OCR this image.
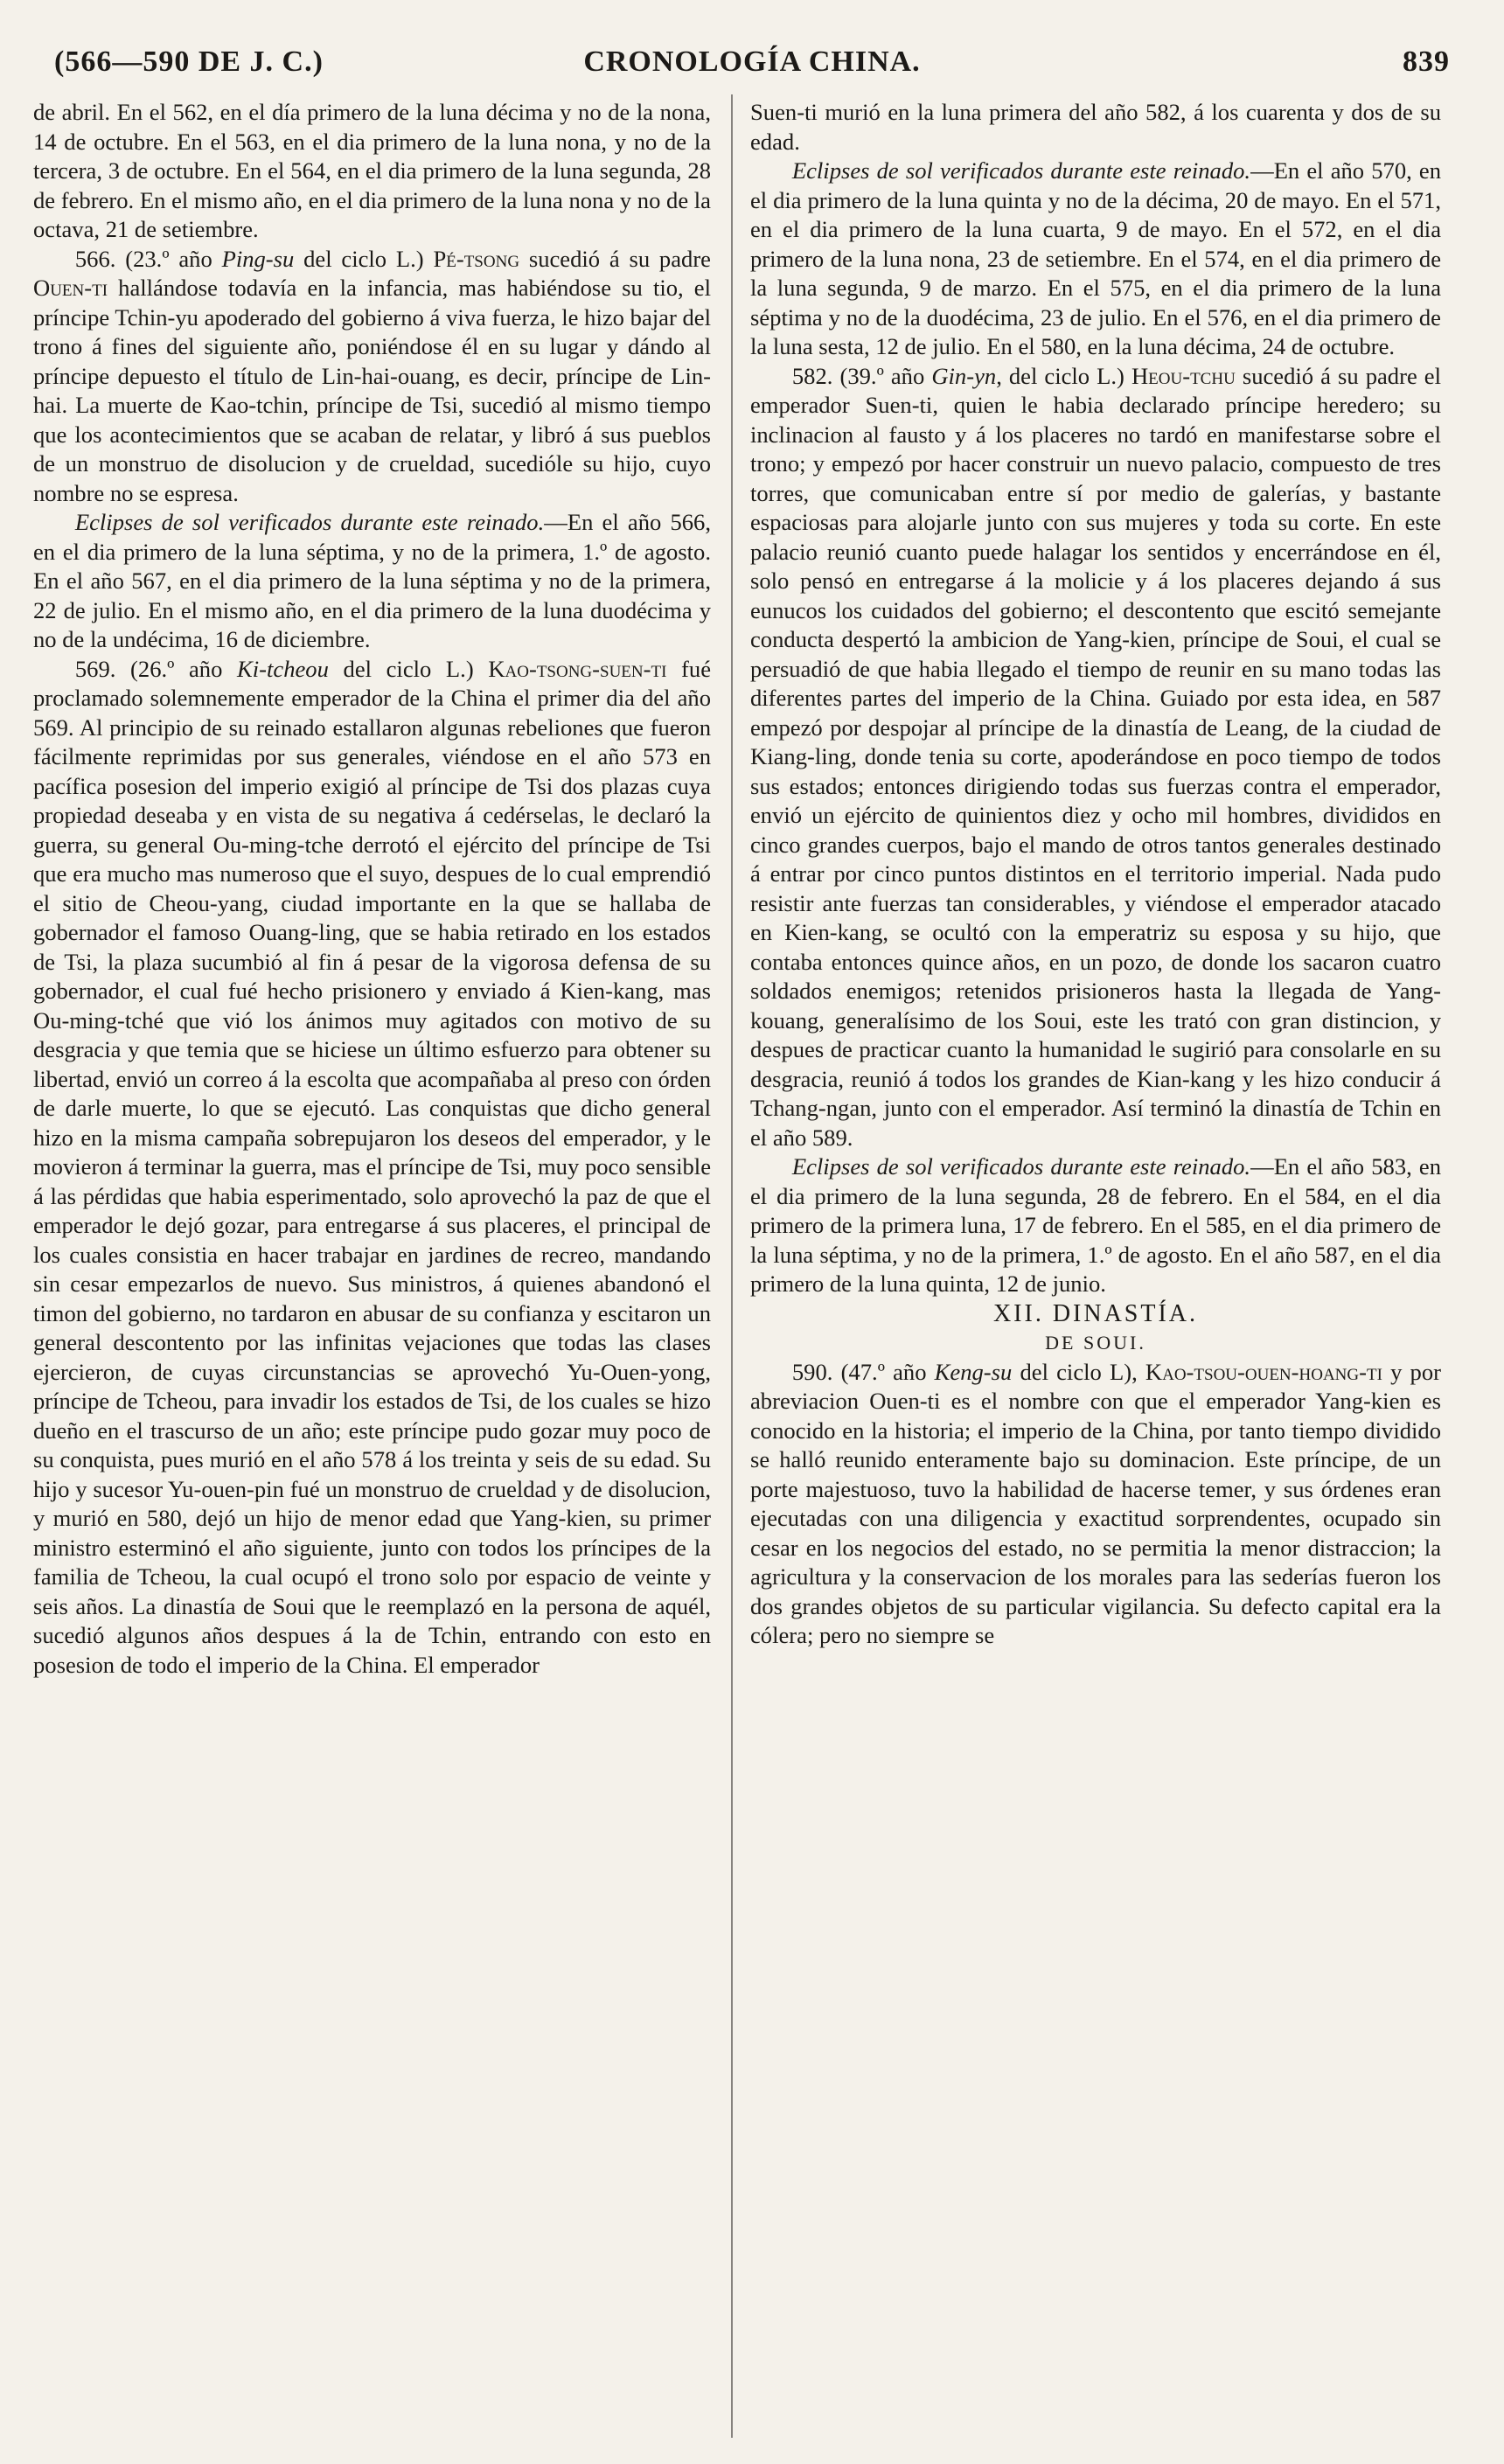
(566—590 DE J. C.)	CRONOLOGÍA CHINA.	839

de abril. En el 562, en el día primero de la luna décima y no de la nona, 14 de octubre. En el 563, en el dia primero de la luna nona, y no de la tercera, 3 de octubre. En el 564, en el dia primero de la luna segunda, 28 de febrero. En el mismo año, en el dia primero de la luna nona y no de la octava, 21 de setiembre.

566. (23.º año Ping-su del ciclo L.) Pé-tsong sucedió á su padre Ouen-ti hallándose todavía en la infancia, mas habiéndose su tio, el príncipe Tchin-yu apoderado del gobierno á viva fuerza, le hizo bajar del trono á fines del siguiente año, poniéndose él en su lugar y dándo al príncipe depuesto el título de Lin-hai-ouang, es decir, príncipe de Lin-hai. La muerte de Kao-tchin, príncipe de Tsi, sucedió al mismo tiempo que los acontecimientos que se acaban de relatar, y libró á sus pueblos de un monstruo de disolucion y de crueldad, sucedióle su hijo, cuyo nombre no se espresa.

Eclipses de sol verificados durante este reinado.—En el año 566, en el dia primero de la luna séptima, y no de la primera, 1.º de agosto. En el año 567, en el dia primero de la luna séptima y no de la primera, 22 de julio. En el mismo año, en el dia primero de la luna duodécima y no de la undécima, 16 de diciembre.

569. (26.º año Ki-tcheou del ciclo L.) Kao-tsong-suen-ti fué proclamado solemnemente emperador de la China el primer dia del año 569. Al principio de su reinado estallaron algunas rebeliones que fueron fácilmente reprimidas por sus generales, viéndose en el año 573 en pacífica posesion del imperio exigió al príncipe de Tsi dos plazas cuya propiedad deseaba y en vista de su negativa á cedérselas, le declaró la guerra, su general Ou-ming-tche derrotó el ejército del príncipe de Tsi que era mucho mas numeroso que el suyo, despues de lo cual emprendió el sitio de Cheou-yang, ciudad importante en la que se hallaba de gobernador el famoso Ouang-ling, que se habia retirado en los estados de Tsi, la plaza sucumbió al fin á pesar de la vigorosa defensa de su gobernador, el cual fué hecho prisionero y enviado á Kien-kang, mas Ou-ming-tché que vió los ánimos muy agitados con motivo de su desgracia y que temia que se hiciese un último esfuerzo para obtener su libertad, envió un correo á la escolta que acompañaba al preso con órden de darle muerte, lo que se ejecutó. Las conquistas que dicho general hizo en la misma campaña sobrepujaron los deseos del emperador, y le movieron á terminar la guerra, mas el príncipe de Tsi, muy poco sensible á las pérdidas que habia esperimentado, solo aprovechó la paz de que el emperador le dejó gozar, para entregarse á sus placeres, el principal de los cuales consistia en hacer trabajar en jardines de recreo, mandando sin cesar empezarlos de nuevo. Sus ministros, á quienes abandonó el timon del gobierno, no tardaron en abusar de su confianza y escitaron un general descontento por las infinitas vejaciones que todas las clases ejercieron, de cuyas circunstancias se aprovechó Yu-Ouen-yong, príncipe de Tcheou, para invadir los estados de Tsi, de los cuales se hizo dueño en el trascurso de un año; este príncipe pudo gozar muy poco de su conquista, pues murió en el año 578 á los treinta y seis de su edad. Su hijo y sucesor Yu-ouen-pin fué un monstruo de crueldad y de disolucion, y murió en 580, dejó un hijo de menor edad que Yang-kien, su primer ministro esterminó el año siguiente, junto con todos los príncipes de la familia de Tcheou, la cual ocupó el trono solo por espacio de veinte y seis años. La dinastía de Soui que le reemplazó en la persona de aquél, sucedió algunos años despues á la de Tchin, entrando con esto en posesion de todo el imperio de la China. El emperador

Suen-ti murió en la luna primera del año 582, á los cuarenta y dos de su edad.

Eclipses de sol verificados durante este reinado.—En el año 570, en el dia primero de la luna quinta y no de la décima, 20 de mayo. En el 571, en el dia primero de la luna cuarta, 9 de mayo. En el 572, en el dia primero de la luna nona, 23 de setiembre. En el 574, en el dia primero de la luna segunda, 9 de marzo. En el 575, en el dia primero de la luna séptima y no de la duodécima, 23 de julio. En el 576, en el dia primero de la luna sesta, 12 de julio. En el 580, en la luna décima, 24 de octubre.

582. (39.º año Gin-yn, del ciclo L.) Heou-tchu sucedió á su padre el emperador Suen-ti, quien le habia declarado príncipe heredero; su inclinacion al fausto y á los placeres no tardó en manifestarse sobre el trono; y empezó por hacer construir un nuevo palacio, compuesto de tres torres, que comunicaban entre sí por medio de galerías, y bastante espaciosas para alojarle junto con sus mujeres y toda su corte. En este palacio reunió cuanto puede halagar los sentidos y encerrándose en él, solo pensó en entregarse á la molicie y á los placeres dejando á sus eunucos los cuidados del gobierno; el descontento que escitó semejante conducta despertó la ambicion de Yang-kien, príncipe de Soui, el cual se persuadió de que habia llegado el tiempo de reunir en su mano todas las diferentes partes del imperio de la China. Guiado por esta idea, en 587 empezó por despojar al príncipe de la dinastía de Leang, de la ciudad de Kiang-ling, donde tenia su corte, apoderándose en poco tiempo de todos sus estados; entonces dirigiendo todas sus fuerzas contra el emperador, envió un ejército de quinientos diez y ocho mil hombres, divididos en cinco grandes cuerpos, bajo el mando de otros tantos generales destinado á entrar por cinco puntos distintos en el territorio imperial. Nada pudo resistir ante fuerzas tan considerables, y viéndose el emperador atacado en Kien-kang, se ocultó con la emperatriz su esposa y su hijo, que contaba entonces quince años, en un pozo, de donde los sacaron cuatro soldados enemigos; retenidos prisioneros hasta la llegada de Yang-kouang, generalísimo de los Soui, este les trató con gran distincion, y despues de practicar cuanto la humanidad le sugirió para consolarle en su desgracia, reunió á todos los grandes de Kian-kang y les hizo conducir á Tchang-ngan, junto con el emperador. Así terminó la dinastía de Tchin en el año 589.

Eclipses de sol verificados durante este reinado.—En el año 583, en el dia primero de la luna segunda, 28 de febrero. En el 584, en el dia primero de la primera luna, 17 de febrero. En el 585, en el dia primero de la luna séptima, y no de la primera, 1.º de agosto. En el año 587, en el dia primero de la luna quinta, 12 de junio.

XII. DINASTÍA.

DE SOUI.

590. (47.º año Keng-su del ciclo L), Kao-tsou-ouen-hoang-ti y por abreviacion Ouen-ti es el nombre con que el emperador Yang-kien es conocido en la historia; el imperio de la China, por tanto tiempo dividido se halló reunido enteramente bajo su dominacion. Este príncipe, de un porte majestuoso, tuvo la habilidad de hacerse temer, y sus órdenes eran ejecutadas con una diligencia y exactitud sorprendentes, ocupado sin cesar en los negocios del estado, no se permitia la menor distraccion; la agricultura y la conservacion de los morales para las sederías fueron los dos grandes objetos de su particular vigilancia. Su defecto capital era la cólera; pero no siempre se
